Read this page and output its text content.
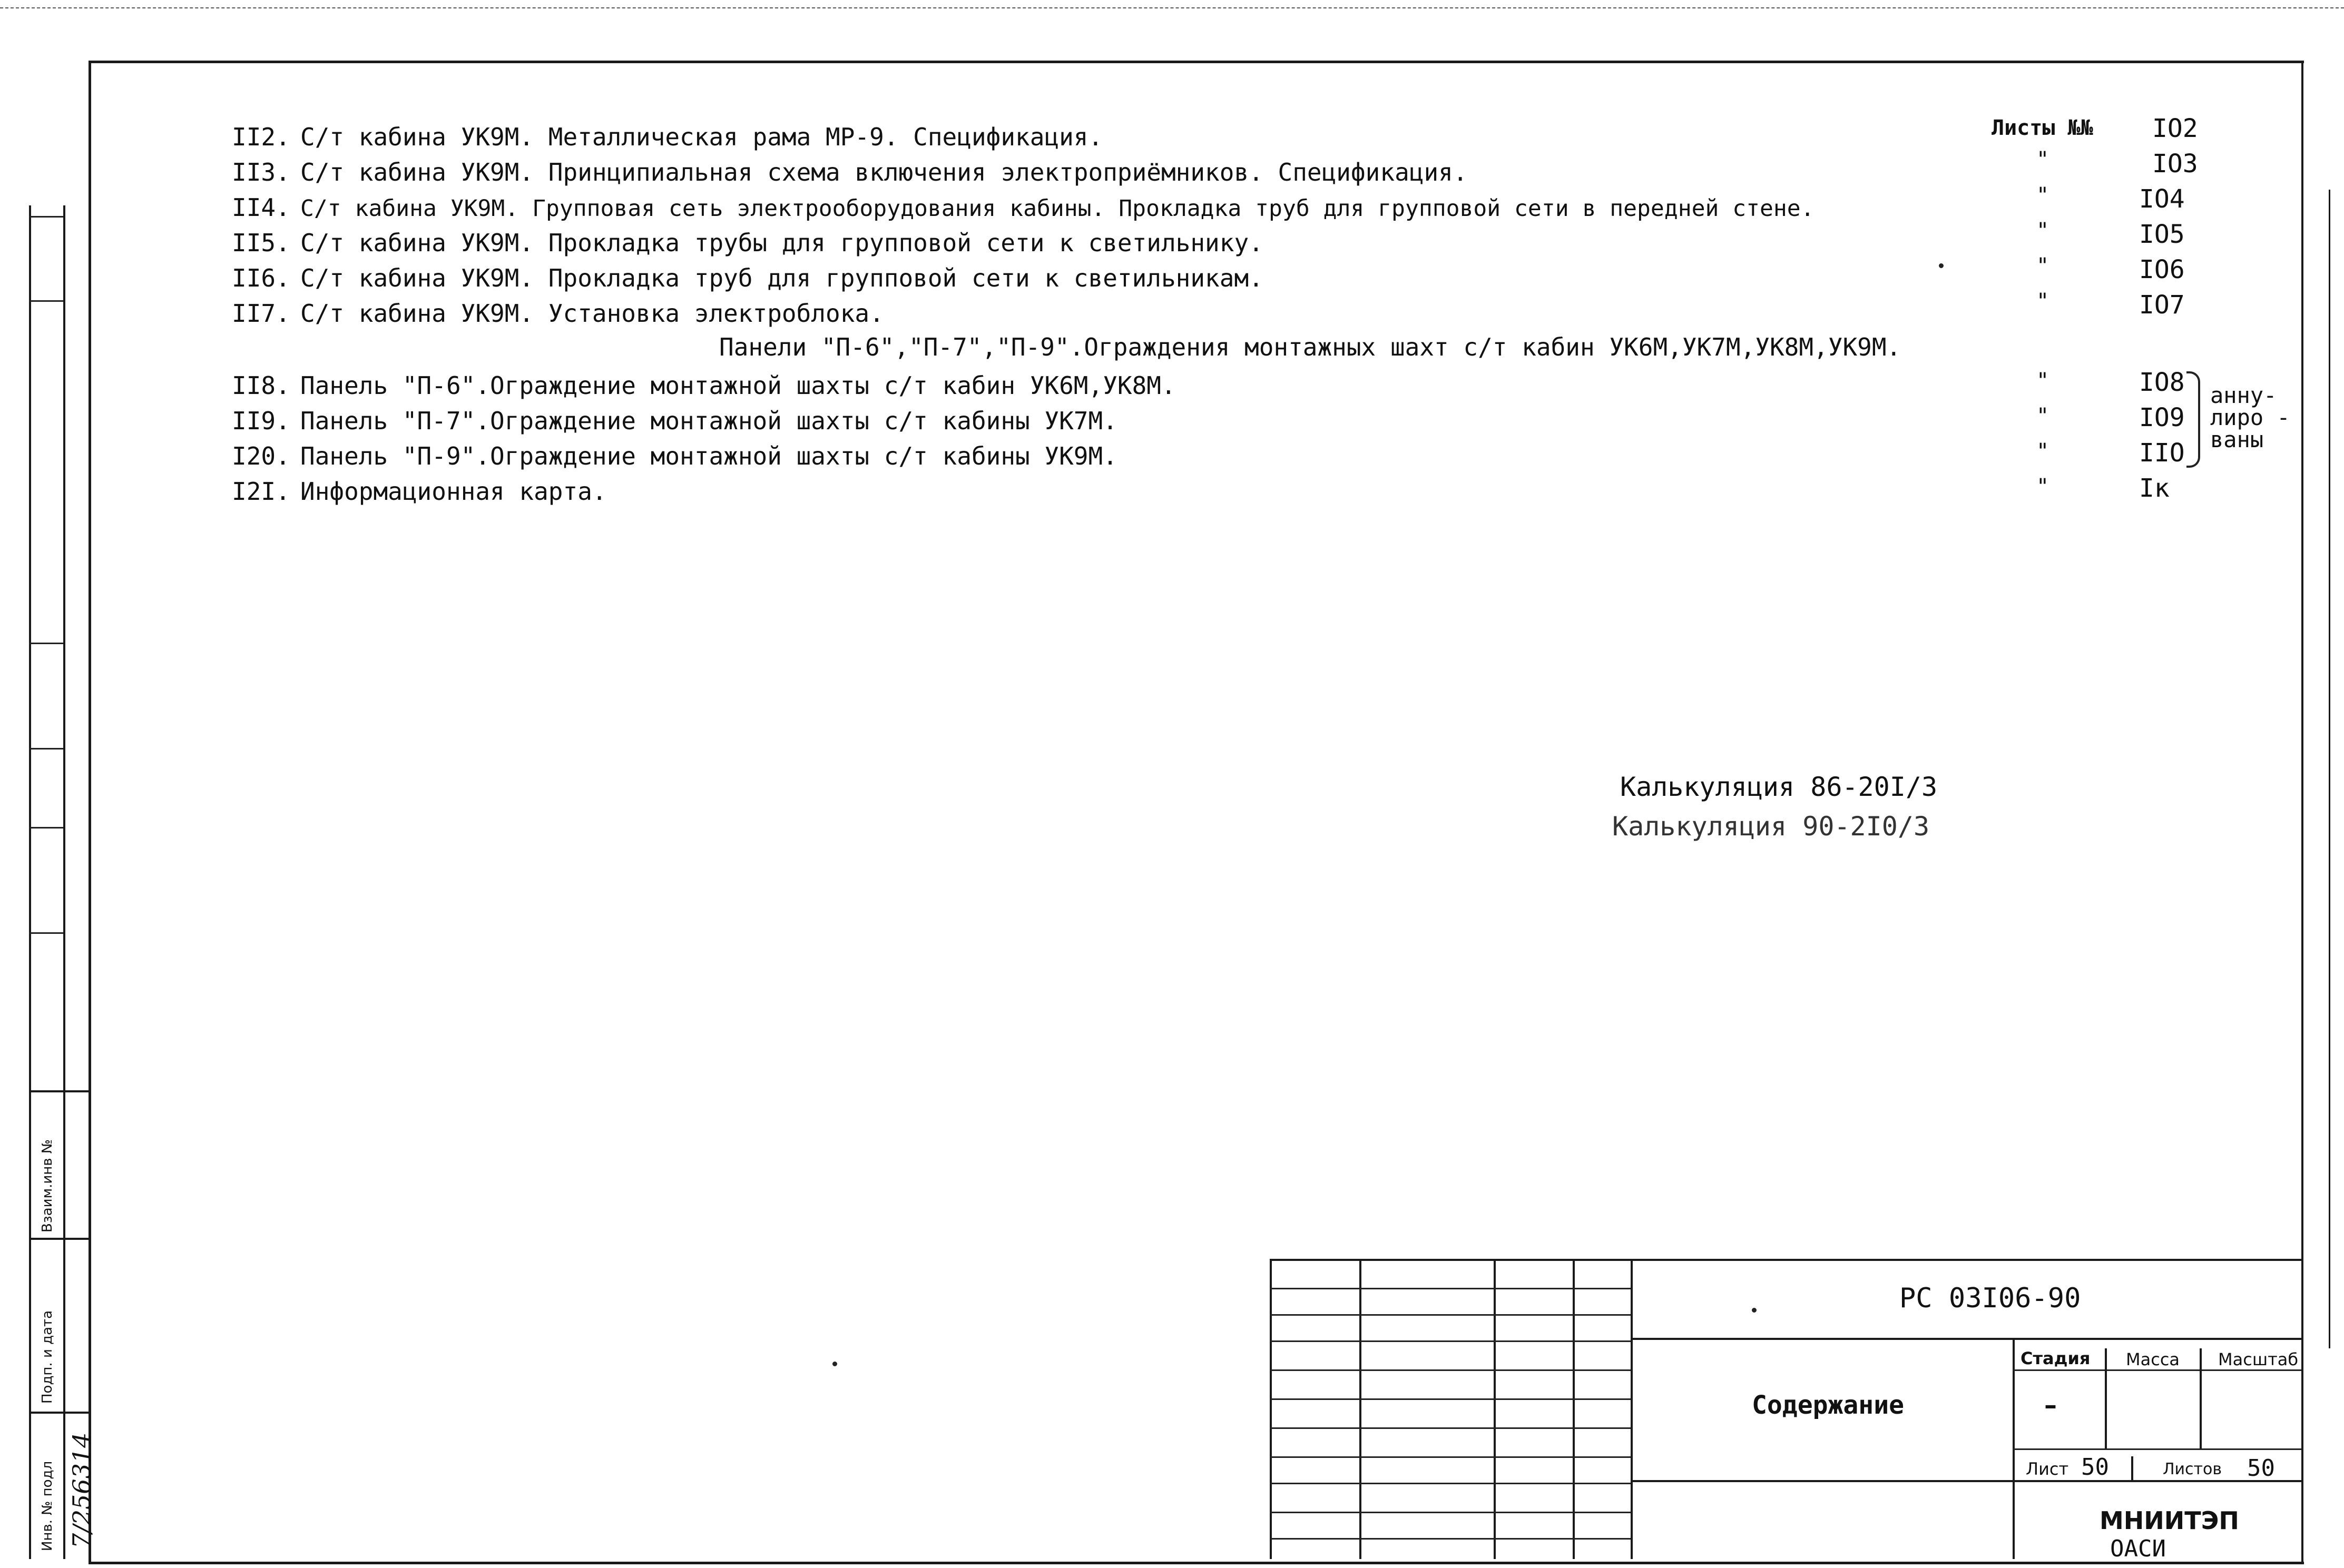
Листы №№
II2. С/т кабина УК9М. Металлическая рама МР-9. Спецификация.
II3. С/т кабина УК9М. Принципиальная схема включения электроприёмников. Спецификация.
II4. С/т кабина УК9М. Групповая сеть электрооборудования кабины. Прокладка труб для групповой сети в передней стене.
II5. С/т кабина УК9М. Прокладка трубы для групповой сети к светильнику.
II6. С/т кабина УК9М. Прокладка труб для групповой сети к светильникам.
II7. С/т кабина УК9М. Установка электроблока.
II8. Панель "П-6".Ограждение монтажной шахты с/т кабин УК6М,УК8М.
II9. Панель "П-7".Ограждение монтажной шахты с/т кабины УК7М.
I20. Панель "П-9".Ограждение монтажной шахты с/т кабины УК9М.
I2I. Информационная карта.
Панели "П-6","П-7","П-9".Ограждения монтажных шахт с/т кабин УК6М,УК7М,УК8М,УК9М.
"
"
"
"
"
"
"
"
"
IO2
IO3
IO4
IO5
IO6
IO7
IO8
IO9
IIO
Iк
анну-
лиро -
ваны
Калькуляция 86-20I/3
Калькуляция 90-2I0/3
Взаим.инв №
Подп. и дата
Инв. № подл 7/256314
РС 03I06-90
Содержание
Стадия Масса Масштаб
–
Лист 50	Листов 50
МНИИТЭП
ОАСИ
